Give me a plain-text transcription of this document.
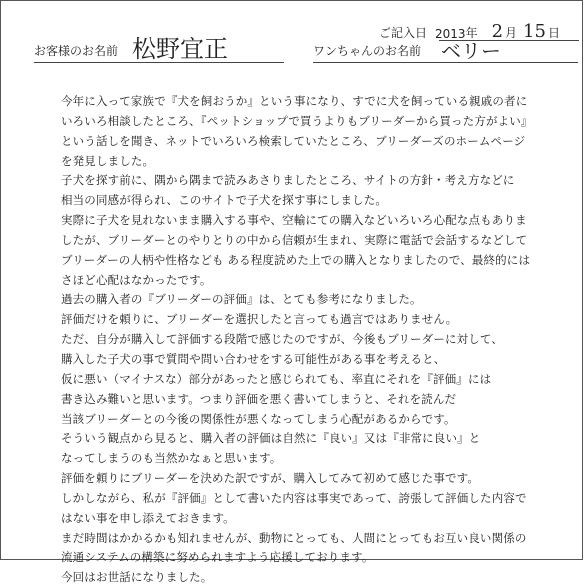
ご記入日 2013 年 2 月 15 日
お客様のお名前 松野宜正	ワンちゃんのお名前 ベリー
今年に入って家族で『犬を飼おうか』という事になり、すでに犬を飼っている親戚の者に
いろいろ相談したところ、『ペットショップで買うよりもブリーダーから買った方がよい』
という話しを聞き、ネットでいろいろ検索していたところ、ブリーダーズのホームページ
を発見しました。
子犬を探す前に、隅から隅まで読みあさりましたところ、サイトの方針・考え方などに
相当の同感が得られ、このサイトで子犬を探す事にしました。
実際に子犬を見れないまま購入する事や、空輸にての購入などいろいろ心配な点もありま
したが、ブリーダーとのやりとりの中から信頼が生まれ、実際に電話で会話するなどして
ブリーダーの人柄や性格なども ある程度読めた上での購入となりましたので、最終的には
さほど心配はなかったです。
過去の購入者の『ブリーダーの評価』は、とても参考になりました。
評価だけを頼りに、ブリーダーを選択したと言っても過言ではありません。
ただ、自分が購入して評価する段階で感じたのですが、今後もブリーダーに対して、
購入した子犬の事で質問や問い合わせをする可能性がある事を考えると、
仮に悪い（マイナスな）部分があったと感じられても、率直にそれを『評価』には
書き込み難いと思います。つまり評価を悪く書いてしまうと、それを読んだ
当該ブリーダーとの今後の関係性が悪くなってしまう心配があるからです。
そういう観点から見ると、購入者の評価は自然に『良い』又は『非常に良い』と
なってしまうのも当然かなぁと思います。
評価を頼りにブリーダーを決めた訳ですが、購入してみて初めて感じた事です。
しかしながら、私が『評価』として書いた内容は事実であって、誇張して評価した内容で
はない事を申し添えておきます。
まだ時間はかかるかも知れませんが、動物にとっても、人間にとってもお互い良い関係の
流通システムの構築に努められますよう応援しております。
今回はお世話になりました。
